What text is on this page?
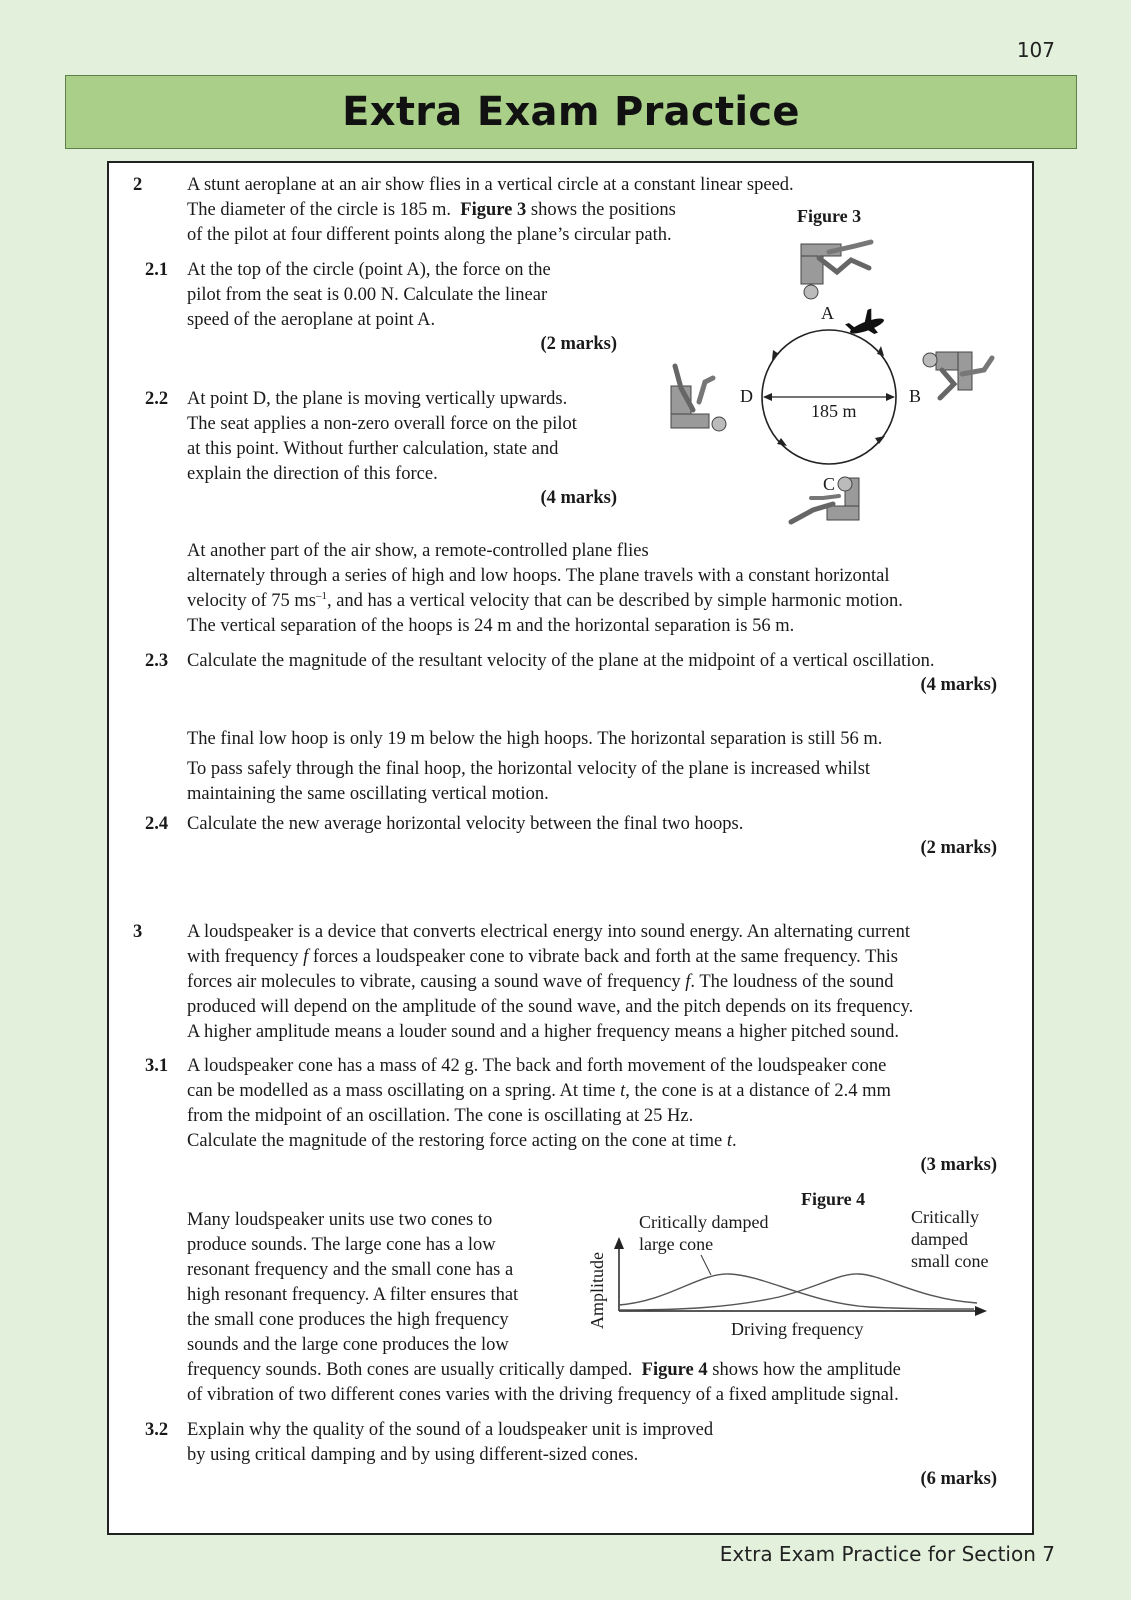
107
Extra Exam Practice
2 A stunt aeroplane at an air show flies in a vertical circle at a constant linear speed.
The diameter of the circle is 185 m. Figure 3 shows the positions
of the pilot at four different points along the plane’s circular path.
2.1 At the top of the circle (point A), the force on the
pilot from the seat is 0.00 N. Calculate the linear
speed of the aeroplane at point A.
(2 marks)
2.2 At point D, the plane is moving vertically upwards.
The seat applies a non-zero overall force on the pilot
at this point. Without further calculation, state and
explain the direction of this force.
(4 marks)
At another part of the air show, a remote-controlled plane flies
alternately through a series of high and low hoops. The plane travels with a constant horizontal
velocity of 75 $ms^{-1}$, and has a vertical velocity that can be described by simple harmonic motion.
The vertical separation of the hoops is 24 m and the horizontal separation is 56 m.
2.3 Calculate the magnitude of the resultant velocity of the plane at the midpoint of a vertical oscillation.
(4 marks)
The final low hoop is only 19 m below the high hoops. The horizontal separation is still 56 m.
To pass safely through the final hoop, the horizontal velocity of the plane is increased whilst
maintaining the same oscillating vertical motion.
2.4 Calculate the new average horizontal velocity between the final two hoops.
(2 marks)
Figure 3
185 m
A
B
C
D
3 A loudspeaker is a device that converts electrical energy into sound energy. An alternating current
with frequency f forces a loudspeaker cone to vibrate back and forth at the same frequency. This
forces air molecules to vibrate, causing a sound wave of frequency f. The loudness of the sound
produced will depend on the amplitude of the sound wave, and the pitch depends on its frequency.
A higher amplitude means a louder sound and a higher frequency means a higher pitched sound.
3.1 A loudspeaker cone has a mass of 42 g. The back and forth movement of the loudspeaker cone
can be modelled as a mass oscillating on a spring. At time t, the cone is at a distance of 2.4 mm
from the midpoint of an oscillation. The cone is oscillating at 25 Hz.
Calculate the magnitude of the restoring force acting on the cone at time t.
(3 marks)
Many loudspeaker units use two cones to
produce sounds. The large cone has a low
resonant frequency and the small cone has a
high resonant frequency. A filter ensures that
the small cone produces the high frequency
sounds and the large cone produces the low
frequency sounds. Both cones are usually critically damped. Figure 4 shows how the amplitude
of vibration of two different cones varies with the driving frequency of a fixed amplitude signal.
3.2 Explain why the quality of the sound of a loudspeaker unit is improved
by using critical damping and by using different-sized cones.
(6 marks)
Figure 4
Amplitude	Driving frequency
Critically damped
large cone
Critically
damped
small cone
Extra Exam Practice for Section 7
